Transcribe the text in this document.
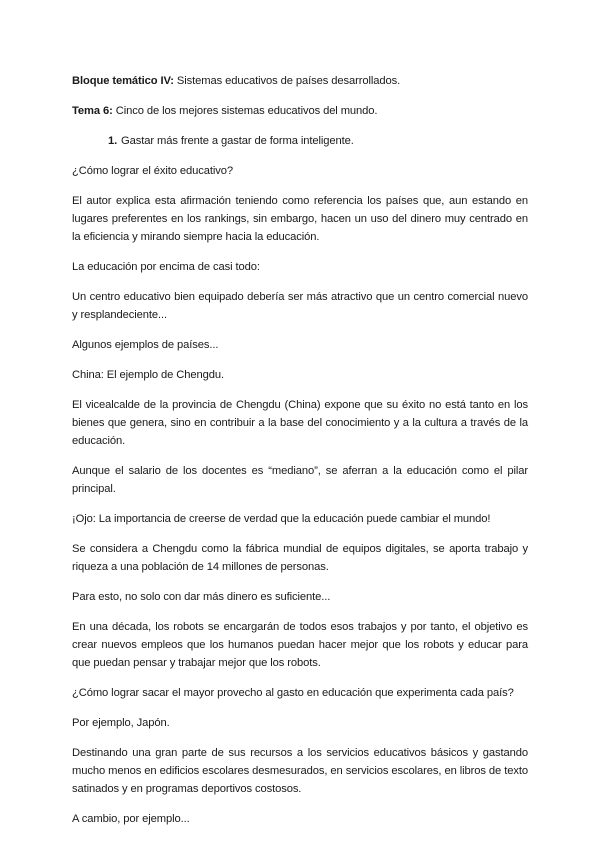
Bloque temático IV: Sistemas educativos de países desarrollados.

Tema 6: Cinco de los mejores sistemas educativos del mundo.

1. Gastar más frente a gastar de forma inteligente.

¿Cómo lograr el éxito educativo?

El autor explica esta afirmación teniendo como referencia los países que, aun estando en lugares preferentes en los rankings, sin embargo, hacen un uso del dinero muy centrado en la eficiencia y mirando siempre hacia la educación.

La educación por encima de casi todo:

Un centro educativo bien equipado debería ser más atractivo que un centro comercial nuevo y resplandeciente...

Algunos ejemplos de países...

China: El ejemplo de Chengdu.

El vicealcalde de la provincia de Chengdu (China) expone que su éxito no está tanto en los bienes que genera, sino en contribuir a la base del conocimiento y a la cultura a través de la educación.

Aunque el salario de los docentes es “mediano”, se aferran a la educación como el pilar principal.

¡Ojo: La importancia de creerse de verdad que la educación puede cambiar el mundo!

Se considera a Chengdu como la fábrica mundial de equipos digitales, se aporta trabajo y riqueza a una población de 14 millones de personas.

Para esto, no solo con dar más dinero es suficiente...

En una década, los robots se encargarán de todos esos trabajos y por tanto, el objetivo es crear nuevos empleos que los humanos puedan hacer mejor que los robots y educar para que puedan pensar y trabajar mejor que los robots.

¿Cómo lograr sacar el mayor provecho al gasto en educación que experimenta cada país?

Por ejemplo, Japón.

Destinando una gran parte de sus recursos a los servicios educativos básicos y gastando mucho menos en edificios escolares desmesurados, en servicios escolares, en libros de texto satinados y en programas deportivos costosos.

A cambio, por ejemplo...
